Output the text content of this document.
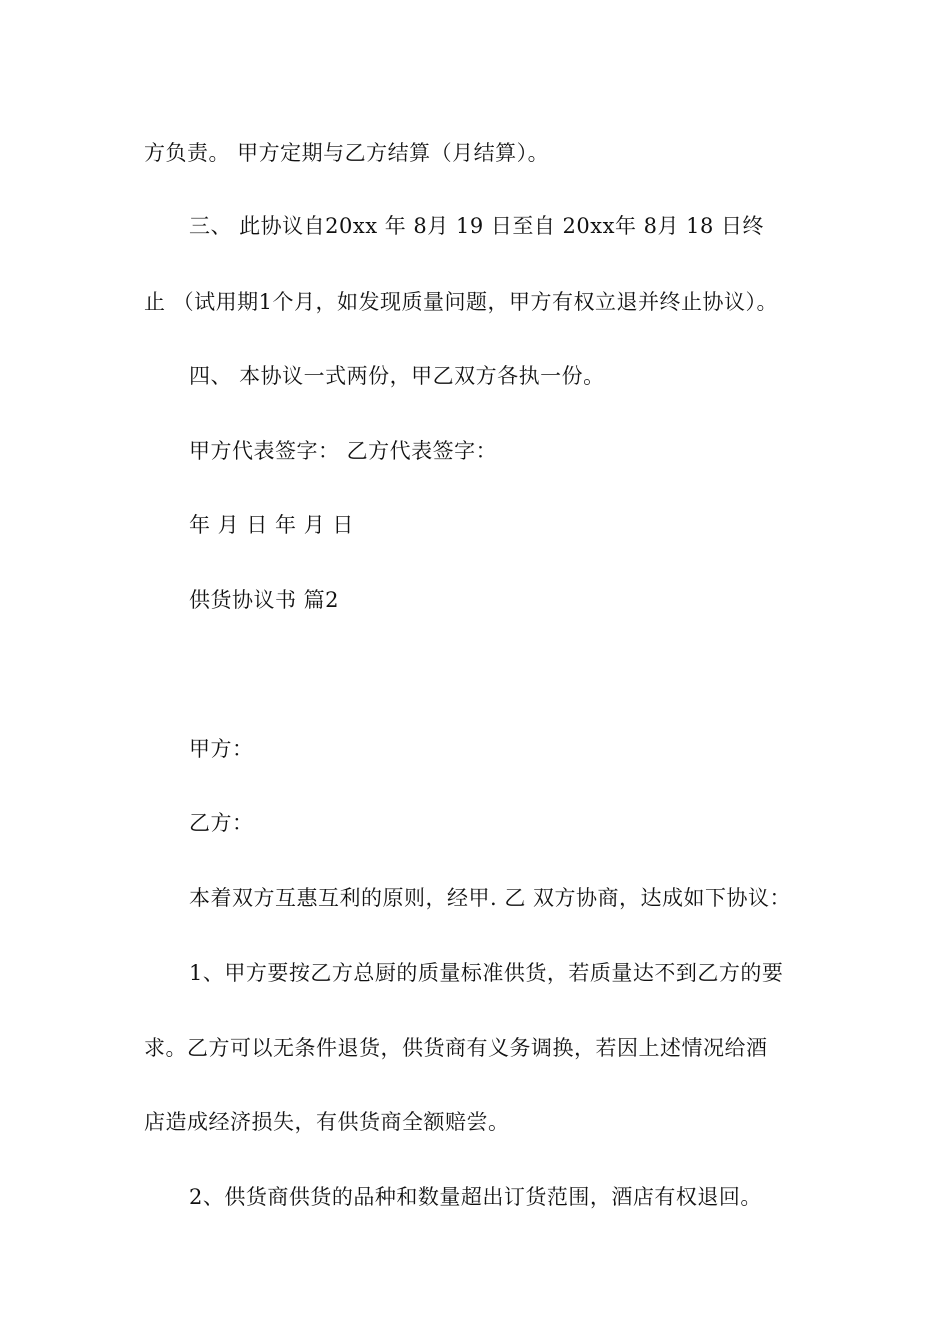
方负责。 甲方定期与乙方结算（月结算）。
三、 此协议自20xx 年 8月 19 日至自 20xx年 8月 18 日终
止 （试用期1个月，如发现质量问题，甲方有权立退并终止协议）。
四、 本协议一式两份，甲乙双方各执一份。
甲方代表签字： 乙方代表签字：
年 月 日 年 月 日
供货协议书 篇2
甲方：
乙方：
本着双方互惠互利的原则，经甲. 乙 双方协商，达成如下协议：
1、甲方要按乙方总厨的质量标准供货，若质量达不到乙方的要
求。乙方可以无条件退货，供货商有义务调换，若因上述情况给酒
店造成经济损失，有供货商全额赔尝。
2、供货商供货的品种和数量超出订货范围，酒店有权退回。
